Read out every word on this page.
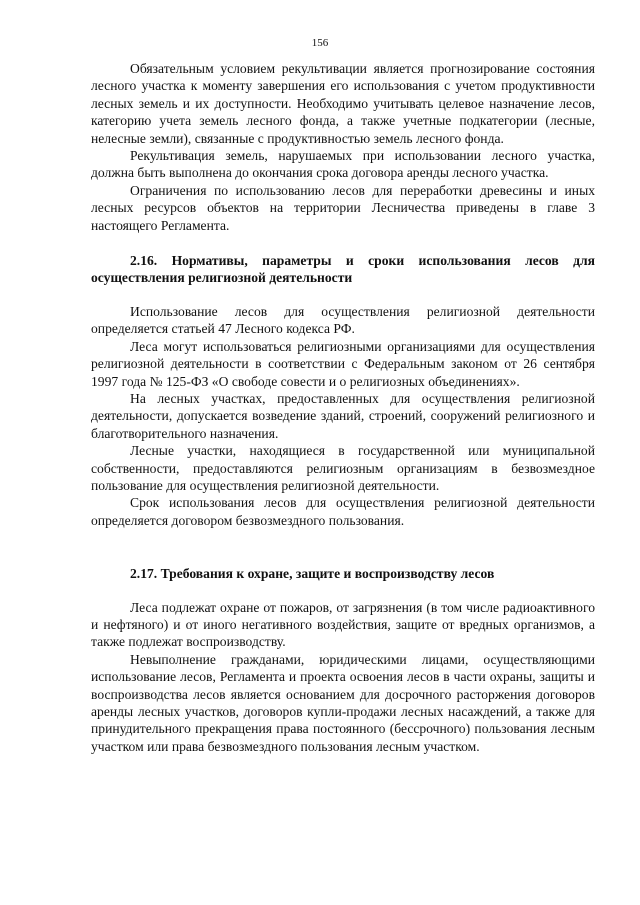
156

Обязательным условием рекультивации является прогнозирование состояния лесного участка к моменту завершения его использования с учетом продуктивности лесных земель и их доступности. Необходимо учитывать целевое назначение лесов, категорию учета земель лесного фонда, а также учетные подкатегории (лесные, нелесные земли), связанные с продуктивностью земель лесного фонда.

Рекультивация земель, нарушаемых при использовании лесного участка, должна быть выполнена до окончания срока договора аренды лесного участка.

Ограничения по использованию лесов для переработки древесины и иных лесных ресурсов объектов на территории Лесничества приведены в главе 3 настоящего Регламента.

2.16. Нормативы, параметры и сроки использования лесов для осуществления религиозной деятельности

Использование лесов для осуществления религиозной деятельности определяется статьей 47 Лесного кодекса РФ.

Леса могут использоваться религиозными организациями для осуществления религиозной деятельности в соответствии с Федеральным законом от 26 сентября 1997 года № 125-ФЗ «О свободе совести и о религиозных объединениях».

На лесных участках, предоставленных для осуществления религиозной деятельности, допускается возведение зданий, строений, сооружений религиозного и благотворительного назначения.

Лесные участки, находящиеся в государственной или муниципальной собственности, предоставляются религиозным организациям в безвозмездное пользование для осуществления религиозной деятельности.

Срок использования лесов для осуществления религиозной деятельности определяется договором безвозмездного пользования.

2.17. Требования к охране, защите и воспроизводству лесов

Леса подлежат охране от пожаров, от загрязнения (в том числе радиоактивного и нефтяного) и от иного негативного воздействия, защите от вредных организмов, а также подлежат воспроизводству.

Невыполнение гражданами, юридическими лицами, осуществляющими использование лесов, Регламента и проекта освоения лесов в части охраны, защиты и воспроизводства лесов является основанием для досрочного расторжения договоров аренды лесных участков, договоров купли-продажи лесных насаждений, а также для принудительного прекращения права постоянного (бессрочного) пользования лесным участком или права безвозмездного пользования лесным участком.
